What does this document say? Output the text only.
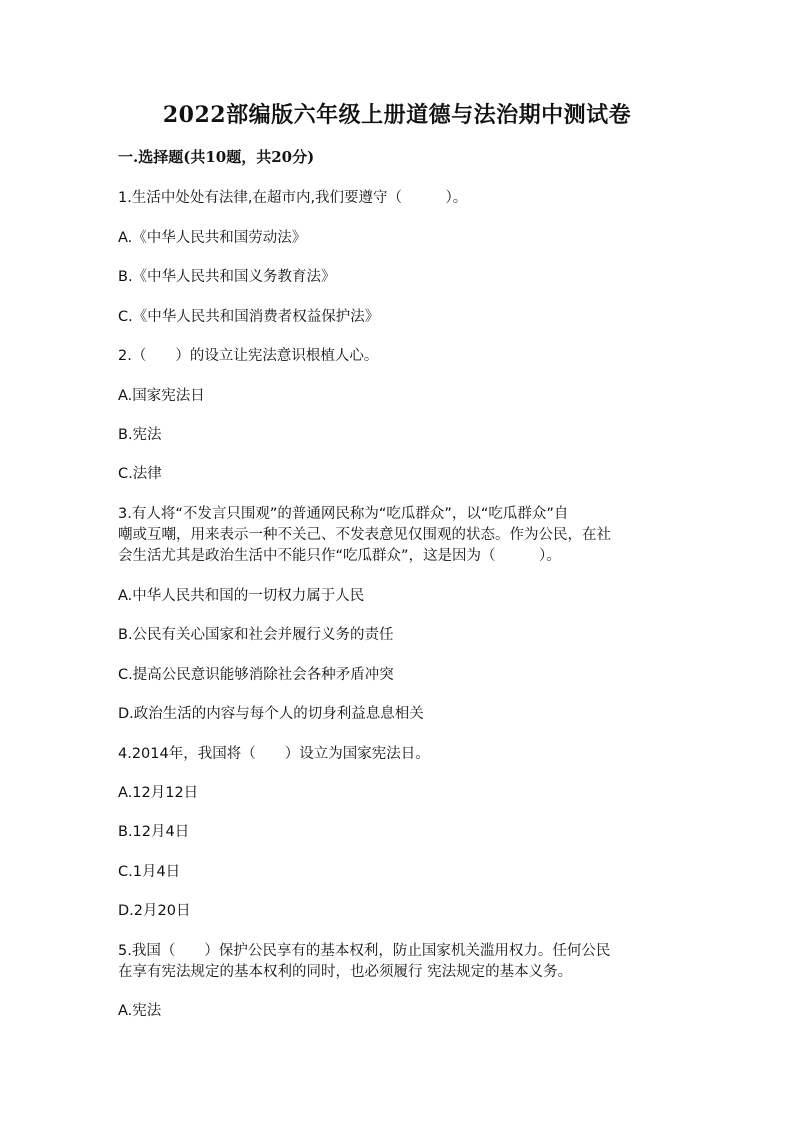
2022部编版六年级上册道德与法治期中测试卷
一.选择题(共10题，共20分)
1.生活中处处有法律,在超市内,我们要遵守（　　　）。
A.《中华人民共和国劳动法》
B.《中华人民共和国义务教育法》
C.《中华人民共和国消费者权益保护法》
2.（　　）的设立让宪法意识根植人心。
A.国家宪法日
B.宪法
C.法律
3.有人将“不发言只围观”的普通网民称为“吃瓜群众”，以“吃瓜群众”自
嘲或互嘲，用来表示一种不关己、不发表意见仅围观的状态。作为公民，在社
会生活尤其是政治生活中不能只作“吃瓜群众”，这是因为（　　　）。
A.中华人民共和国的一切权力属于人民
B.公民有关心国家和社会并履行义务的责任
C.提高公民意识能够消除社会各种矛盾冲突
D.政治生活的内容与每个人的切身利益息息相关
4.2014年，我国将（　　）设立为国家宪法日。
A.12月12日
B.12月4日
C.1月4日
D.2月20日
5.我国（　　）保护公民享有的基本权利，防止国家机关滥用权力。任何公民
在享有宪法规定的基本权利的同时，也必须履行 宪法规定的基本义务。
A.宪法
